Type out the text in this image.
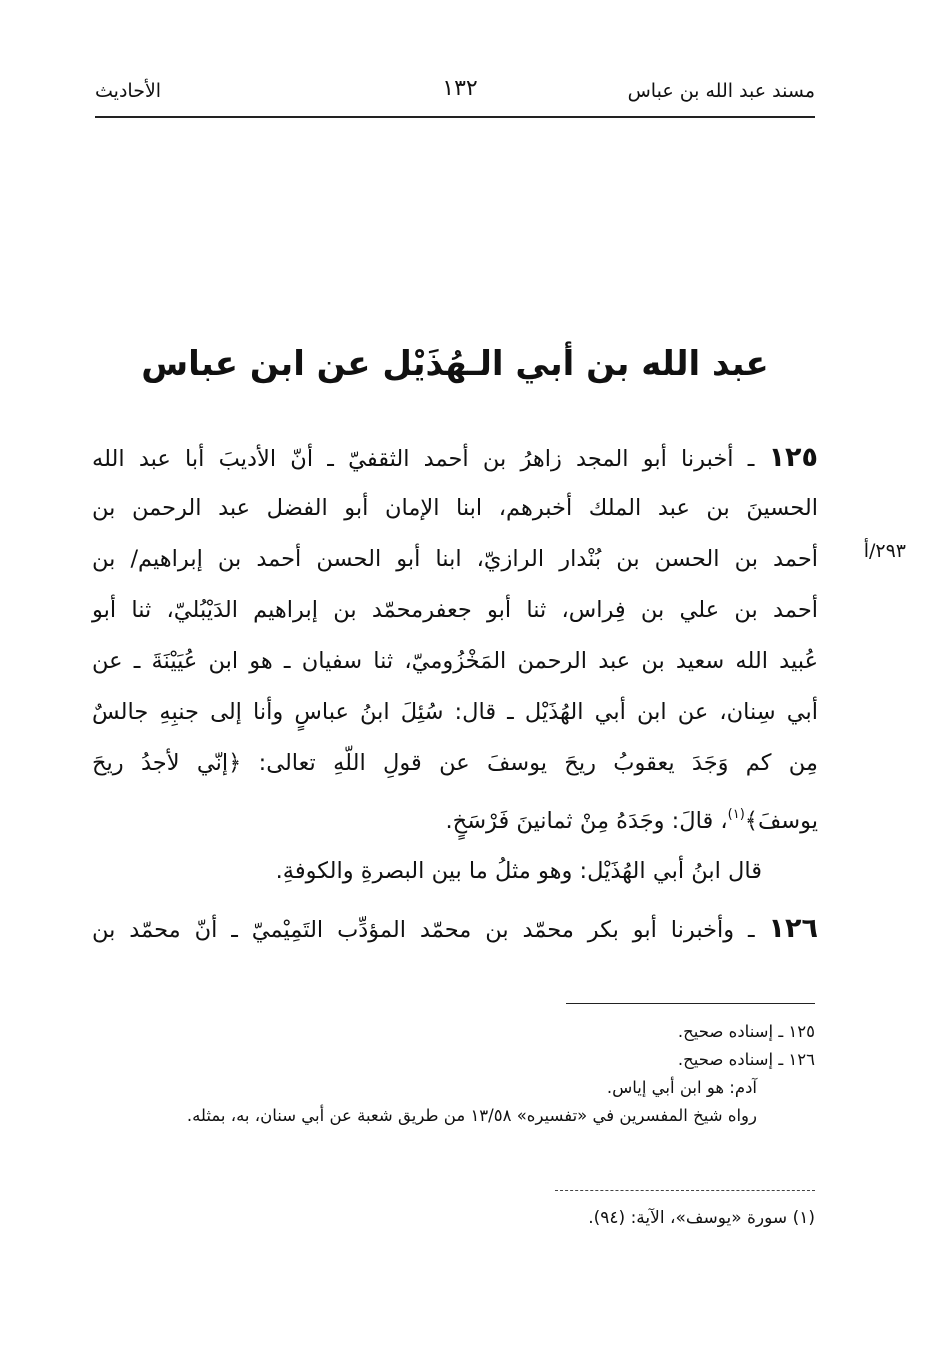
مسند عبد الله بن عباس
١٣٢
الأحاديث
عبد الله بن أبي الـهُذَيْل عن ابن عباس
٢٩٣/أ
١٢٥ ـ أخبرنا أبو المجد زاهرُ بن أحمد الثقفيّ ـ أنّ الأديبَ أبا عبد الله
الحسينَ بن عبد الملك أخبرهم، ابنا الإمان أبو الفضل عبد الرحمن بن
أحمد بن الحسن بن بُنْدار الرازيّ، ابنا أبو الحسن أحمد بن إبراهيم/ بن
أحمد بن علي بن فِراس، ثنا أبو جعفرمحمّد بن إبراهيم الدَيْبُليّ، ثنا أبو
عُبيد الله سعيد بن عبد الرحمن المَخْزُوميّ، ثنا سفيان ـ هو ابن عُيَيْنَةَ ـ عن
أبي سِنان، عن ابن أبي الهُذَيْل ـ قال: سُئِلَ ابنُ عباسٍ وأنا إلى جنبِهِ جالسٌ
مِن كم وَجَدَ يعقوبُ ريحَ يوسفَ عن قولِ اللّهِ تعالى: ﴿إنّي لأجدُ ريحَ
يوسفَ﴾$^{(١)}$، قالَ: وجَدَهُ مِنْ ثمانينَ فَرْسَخٍ.
قال ابنُ أبي الهُذَيْل: وهو مثلُ ما بين البصرةِ والكوفةِ.
١٢٦ ـ وأخبرنا أبو بكر محمّد بن محمّد المؤدِّب التَمِيْميّ ـ أنّ محمّد بن
١٢٥ ـ إسناده صحيح.
١٢٦ ـ إسناده صحيح.
آدم: هو ابن أبي إياس.
رواه شيخ المفسرين في «تفسيره» ١٣/٥٨ من طريق شعبة عن أبي سنان، به، بمثله.
(١) سورة «يوسف»، الآية: (٩٤).
